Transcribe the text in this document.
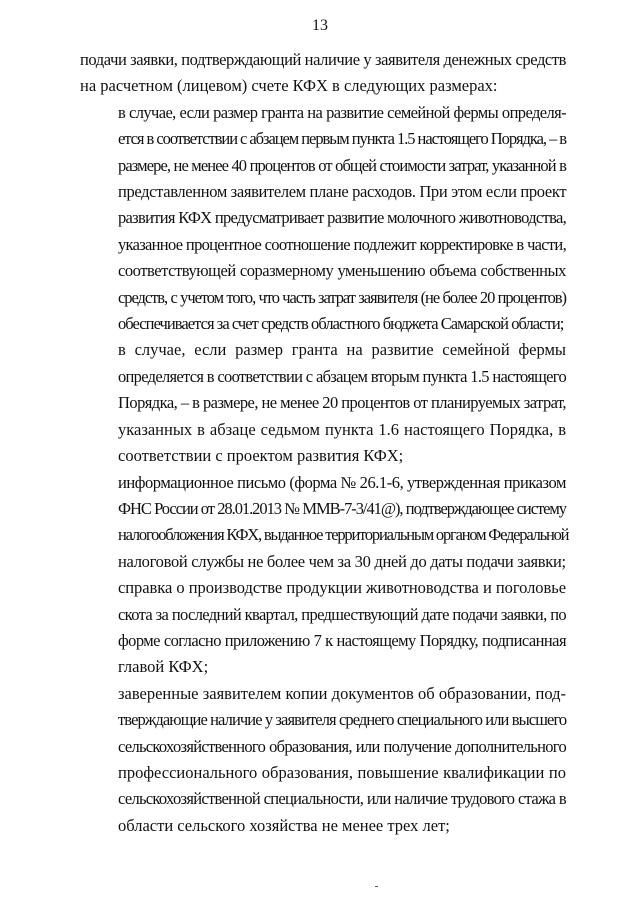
13

подачи заявки, подтверждающий наличие у заявителя денежных средств
на расчетном (лицевом) счете КФХ в следующих размерах:

в случае, если размер гранта на развитие семейной фермы определя-
ется в соответствии с абзацем первым пункта 1.5 настоящего Порядка, – в
размере, не менее 40 процентов от общей стоимости затрат, указанной в
представленном заявителем плане расходов. При этом если проект
развития КФХ предусматривает развитие молочного животноводства,
указанное процентное соотношение подлежит корректировке в части,
соответствующей соразмерному уменьшению объема собственных
средств, с учетом того, что часть затрат заявителя (не более 20 процентов)
обеспечивается за счет средств областного бюджета Самарской области;

в случае, если размер гранта на развитие семейной фермы
определяется в соответствии с абзацем вторым пункта 1.5 настоящего
Порядка, – в размере, не менее 20 процентов от планируемых затрат,
указанных в абзаце седьмом пункта 1.6 настоящего Порядка, в
соответствии с проектом развития КФХ;

информационное письмо (форма № 26.1-6, утвержденная приказом
ФНС России от 28.01.2013 № ММВ-7-3/41@), подтверждающее систему
налогообложения КФХ, выданное территориальным органом Федеральной
налоговой службы не более чем за 30 дней до даты подачи заявки;

справка о производстве продукции животноводства и поголовье
скота за последний квартал, предшествующий дате подачи заявки, по
форме согласно приложению 7 к настоящему Порядку, подписанная
главой КФХ;

заверенные заявителем копии документов об образовании, под-
тверждающие наличие у заявителя среднего специального или высшего
сельскохозяйственного образования, или получение дополнительного
профессионального образования, повышение квалификации по
сельскохозяйственной специальности, или наличие трудового стажа в
области сельского хозяйства не менее трех лет;
